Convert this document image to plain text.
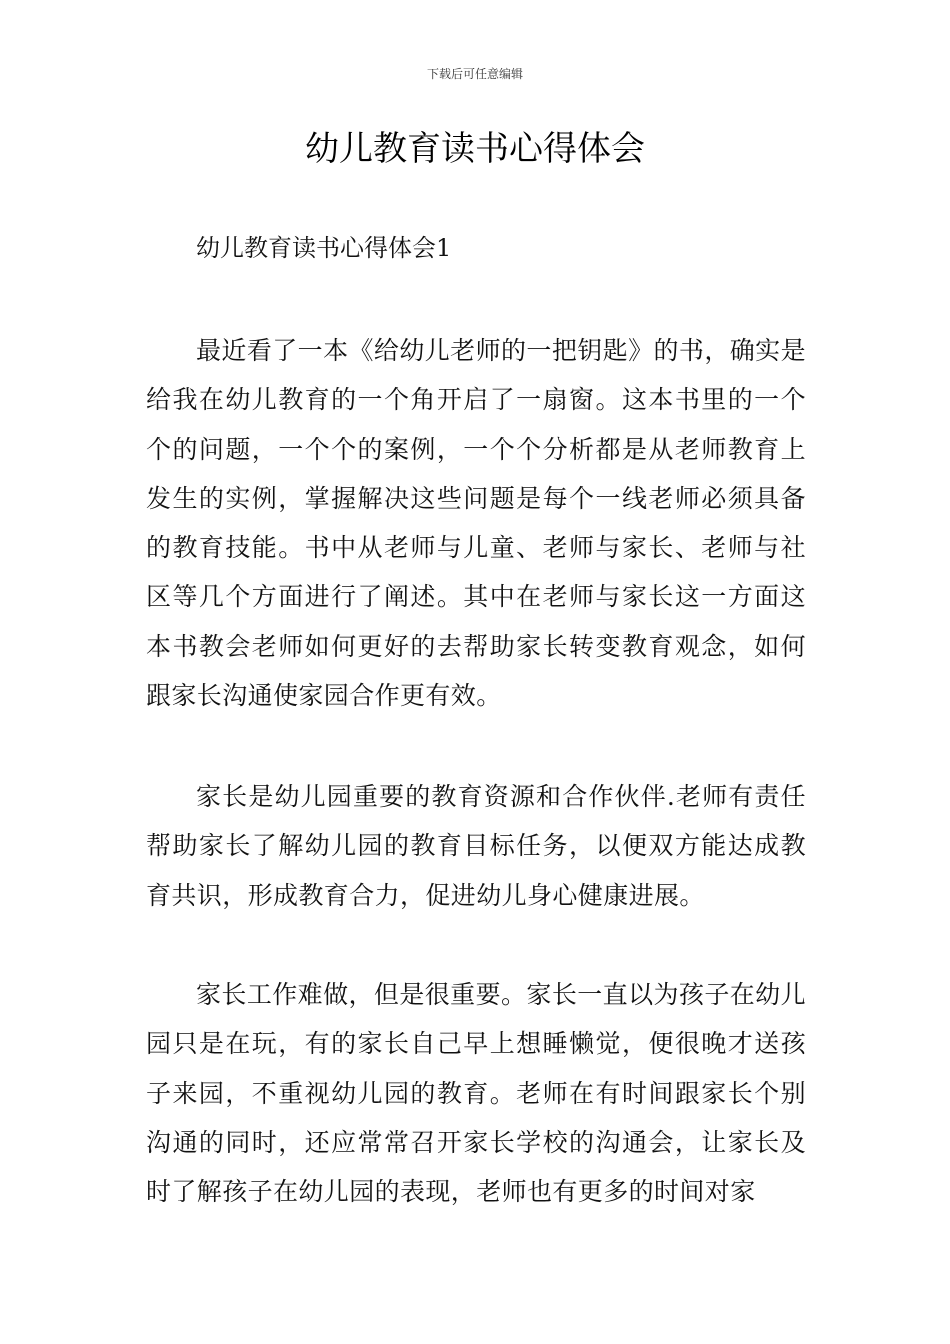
下载后可任意编辑
幼儿教育读书心得体会
幼儿教育读书心得体会1

最近看了一本《给幼儿老师的一把钥匙》的书，确实是给我在幼儿教育的一个角开启了一扇窗。这本书里的一个个的问题，一个个的案例，一个个分析都是从老师教育上发生的实例，掌握解决这些问题是每个一线老师必须具备的教育技能。书中从老师与儿童、老师与家长、老师与社区等几个方面进行了阐述。其中在老师与家长这一方面这本书教会老师如何更好的去帮助家长转变教育观念，如何跟家长沟通使家园合作更有效。

家长是幼儿园重要的教育资源和合作伙伴.老师有责任帮助家长了解幼儿园的教育目标任务，以便双方能达成教育共识，形成教育合力，促进幼儿身心健康进展。

家长工作难做，但是很重要。家长一直以为孩子在幼儿园只是在玩，有的家长自己早上想睡懒觉，便很晚才送孩子来园，不重视幼儿园的教育。老师在有时间跟家长个别沟通的同时，还应常常召开家长学校的沟通会，让家长及时了解孩子在幼儿园的表现，老师也有更多的时间对家
